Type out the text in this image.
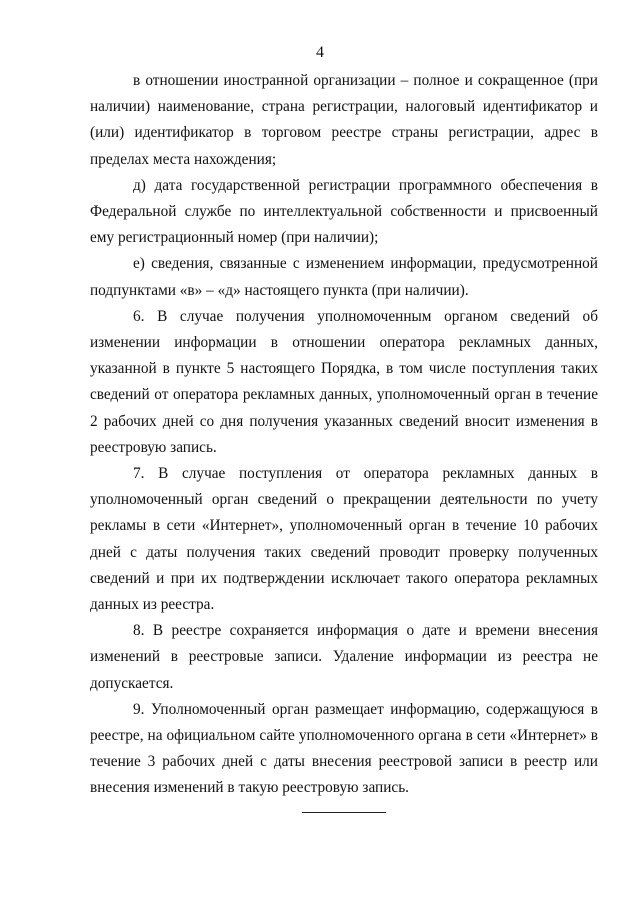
4

в отношении иностранной организации – полное и сокращенное (при наличии) наименование, страна регистрации, налоговый идентификатор и (или) идентификатор в торговом реестре страны регистрации, адрес в пределах места нахождения;

д) дата государственной регистрации программного обеспечения в Федеральной службе по интеллектуальной собственности и присвоенный ему регистрационный номер (при наличии);

е) сведения, связанные с изменением информации, предусмотренной подпунктами «в» – «д» настоящего пункта (при наличии).

6. В случае получения уполномоченным органом сведений об изменении информации в отношении оператора рекламных данных, указанной в пункте 5 настоящего Порядка, в том числе поступления таких сведений от оператора рекламных данных, уполномоченный орган в течение 2 рабочих дней со дня получения указанных сведений вносит изменения в реестровую запись.

7. В случае поступления от оператора рекламных данных в уполномоченный орган сведений о прекращении деятельности по учету рекламы в сети «Интернет», уполномоченный орган в течение 10 рабочих дней с даты получения таких сведений проводит проверку полученных сведений и при их подтверждении исключает такого оператора рекламных данных из реестра.

8. В реестре сохраняется информация о дате и времени внесения изменений в реестровые записи. Удаление информации из реестра не допускается.

9. Уполномоченный орган размещает информацию, содержащуюся в реестре, на официальном сайте уполномоченного органа в сети «Интернет» в течение 3 рабочих дней с даты внесения реестровой записи в реестр или внесения изменений в такую реестровую запись.
